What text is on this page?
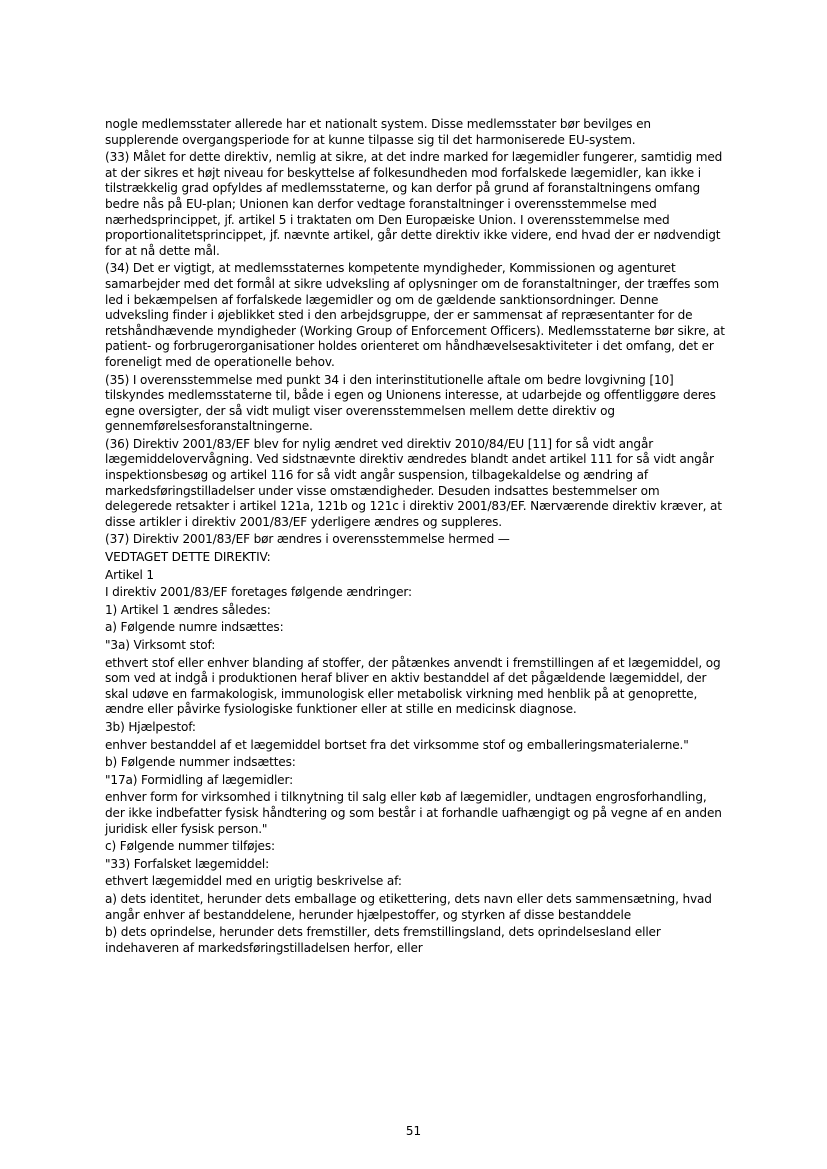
nogle medlemsstater allerede har et nationalt system. Disse medlemsstater bør bevilges en supplerende overgangsperiode for at kunne tilpasse sig til det harmoniserede EU-system.

(33) Målet for dette direktiv, nemlig at sikre, at det indre marked for lægemidler fungerer, samtidig med at der sikres et højt niveau for beskyttelse af folkesundheden mod forfalskede lægemidler, kan ikke i tilstrækkelig grad opfyldes af medlemsstaterne, og kan derfor på grund af foranstaltningens omfang bedre nås på EU-plan; Unionen kan derfor vedtage foranstaltninger i overensstemmelse med nærhedsprincippet, jf. artikel 5 i traktaten om Den Europæiske Union. I overensstemmelse med proportionalitetsprincippet, jf. nævnte artikel, går dette direktiv ikke videre, end hvad der er nødvendigt for at nå dette mål.

(34) Det er vigtigt, at medlemsstaternes kompetente myndigheder, Kommissionen og agenturet samarbejder med det formål at sikre udveksling af oplysninger om de foranstaltninger, der træffes som led i bekæmpelsen af forfalskede lægemidler og om de gældende sanktionsordninger. Denne udveksling finder i øjeblikket sted i den arbejdsgruppe, der er sammensat af repræsentanter for de retshåndhævende myndigheder (Working Group of Enforcement Officers). Medlemsstaterne bør sikre, at patient- og forbrugerorganisationer holdes orienteret om håndhævelsesaktiviteter i det omfang, det er foreneligt med de operationelle behov.

(35) I overensstemmelse med punkt 34 i den interinstitutionelle aftale om bedre lovgivning [10] tilskyndes medlemsstaterne til, både i egen og Unionens interesse, at udarbejde og offentliggøre deres egne oversigter, der så vidt muligt viser overensstemmelsen mellem dette direktiv og gennemførelsesforanstaltningerne.

(36) Direktiv 2001/83/EF blev for nylig ændret ved direktiv 2010/84/EU [11] for så vidt angår lægemiddelovervågning. Ved sidstnævnte direktiv ændredes blandt andet artikel 111 for så vidt angår inspektionsbesøg og artikel 116 for så vidt angår suspension, tilbagekaldelse og ændring af markedsføringstilladelser under visse omstændigheder. Desuden indsattes bestemmelser om delegerede retsakter i artikel 121a, 121b og 121c i direktiv 2001/83/EF. Nærværende direktiv kræver, at disse artikler i direktiv 2001/83/EF yderligere ændres og suppleres.

(37) Direktiv 2001/83/EF bør ændres i overensstemmelse hermed —

VEDTAGET DETTE DIREKTIV:

Artikel 1

I direktiv 2001/83/EF foretages følgende ændringer:

1) Artikel 1 ændres således:

a) Følgende numre indsættes:

"3a) Virksomt stof:

ethvert stof eller enhver blanding af stoffer, der påtænkes anvendt i fremstillingen af et lægemiddel, og som ved at indgå i produktionen heraf bliver en aktiv bestanddel af det pågældende lægemiddel, der skal udøve en farmakologisk, immunologisk eller metabolisk virkning med henblik på at genoprette, ændre eller påvirke fysiologiske funktioner eller at stille en medicinsk diagnose.

3b) Hjælpestof:

enhver bestanddel af et lægemiddel bortset fra det virksomme stof og emballeringsmaterialerne."

b) Følgende nummer indsættes:

"17a) Formidling af lægemidler:

enhver form for virksomhed i tilknytning til salg eller køb af lægemidler, undtagen engrosforhandling, der ikke indbefatter fysisk håndtering og som består i at forhandle uafhængigt og på vegne af en anden juridisk eller fysisk person."

c) Følgende nummer tilføjes:

"33) Forfalsket lægemiddel:

ethvert lægemiddel med en urigtig beskrivelse af:

a) dets identitet, herunder dets emballage og etikettering, dets navn eller dets sammensætning, hvad angår enhver af bestanddelene, herunder hjælpestoffer, og styrken af disse bestanddele

b) dets oprindelse, herunder dets fremstiller, dets fremstillingsland, dets oprindelsesland eller indehaveren af markedsføringstilladelsen herfor, eller

51
